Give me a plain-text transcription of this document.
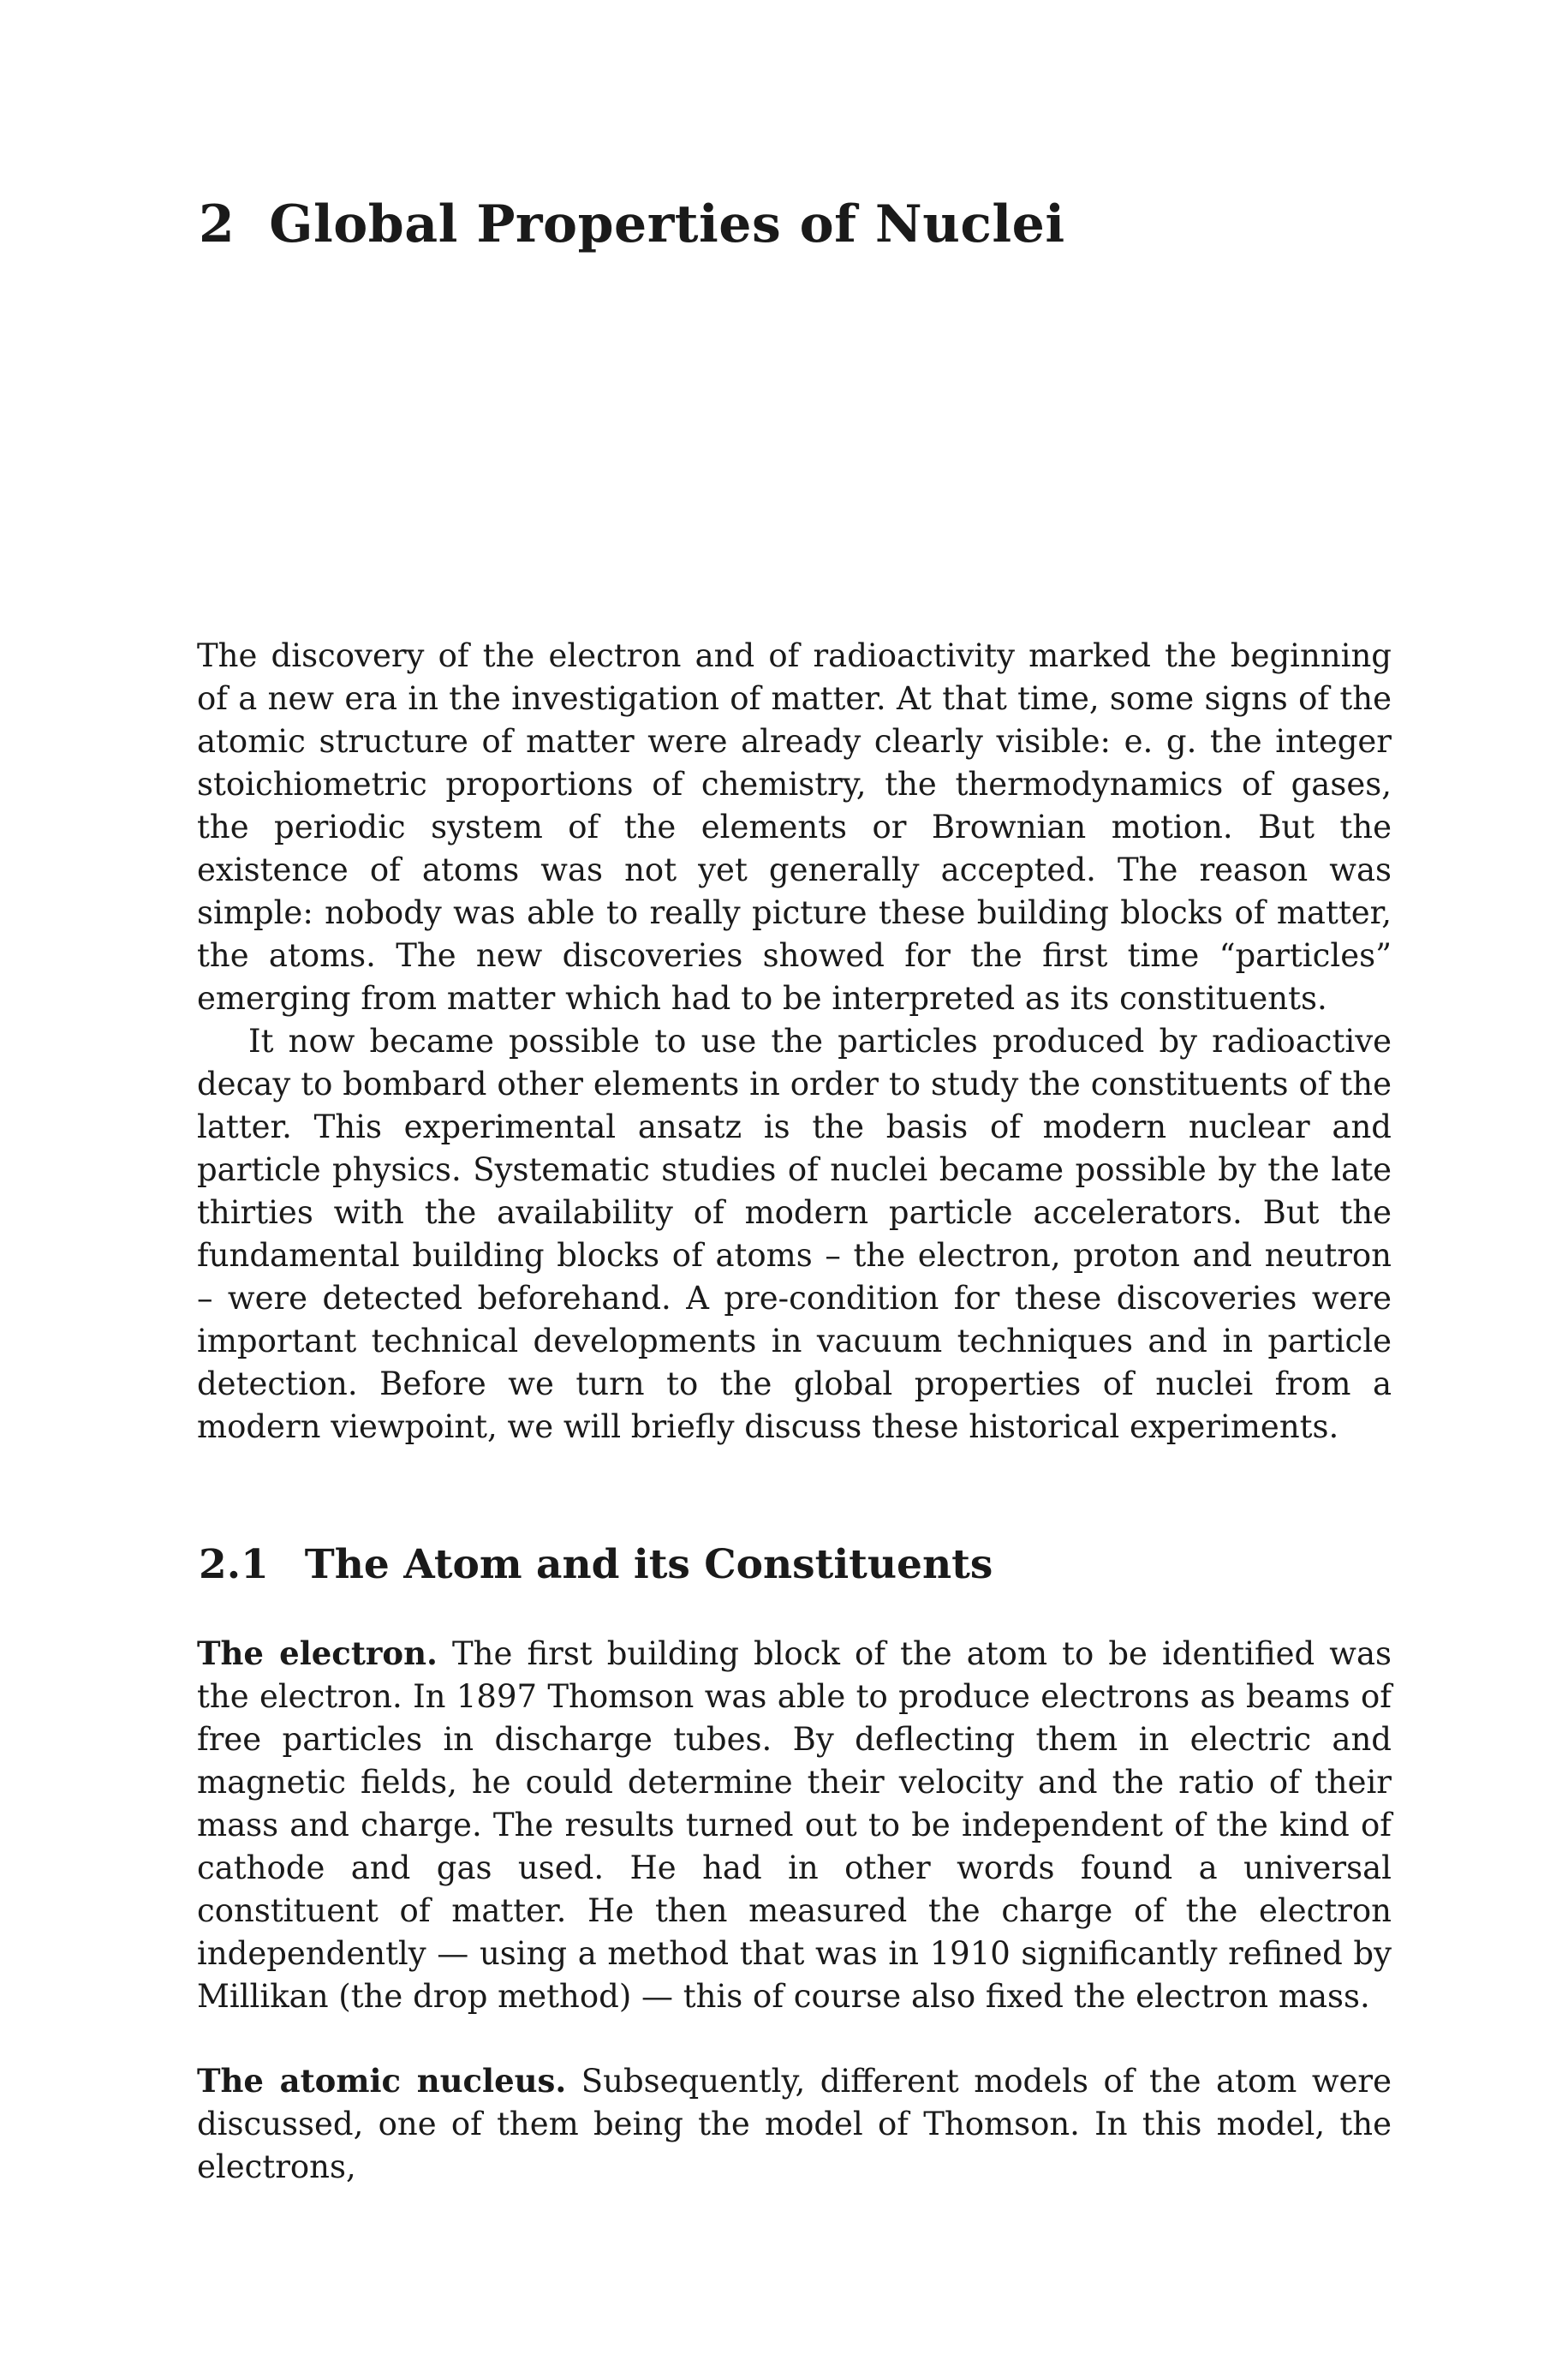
2 Global Properties of Nuclei

The discovery of the electron and of radioactivity marked the beginning of a new era in the investigation of matter. At that time, some signs of the atomic structure of matter were already clearly visible: e. g. the integer stoichiometric proportions of chemistry, the thermodynamics of gases, the periodic system of the elements or Brownian motion. But the existence of atoms was not yet generally accepted. The reason was simple: nobody was able to really picture these building blocks of matter, the atoms. The new discoveries showed for the first time “particles” emerging from matter which had to be interpreted as its constituents.

It now became possible to use the particles produced by radioactive decay to bombard other elements in order to study the constituents of the latter. This experimental ansatz is the basis of modern nuclear and particle physics. Systematic studies of nuclei became possible by the late thirties with the availability of modern particle accelerators. But the fundamental building blocks of atoms – the electron, proton and neutron – were detected beforehand. A pre-condition for these discoveries were important technical developments in vacuum techniques and in particle detection. Before we turn to the global properties of nuclei from a modern viewpoint, we will briefly discuss these historical experiments.

2.1 The Atom and its Constituents

The electron. The first building block of the atom to be identified was the electron. In 1897 Thomson was able to produce electrons as beams of free particles in discharge tubes. By deflecting them in electric and magnetic fields, he could determine their velocity and the ratio of their mass and charge. The results turned out to be independent of the kind of cathode and gas used. He had in other words found a universal constituent of matter. He then measured the charge of the electron independently — using a method that was in 1910 significantly refined by Millikan (the drop method) — this of course also fixed the electron mass.

The atomic nucleus. Subsequently, different models of the atom were discussed, one of them being the model of Thomson. In this model, the electrons,
